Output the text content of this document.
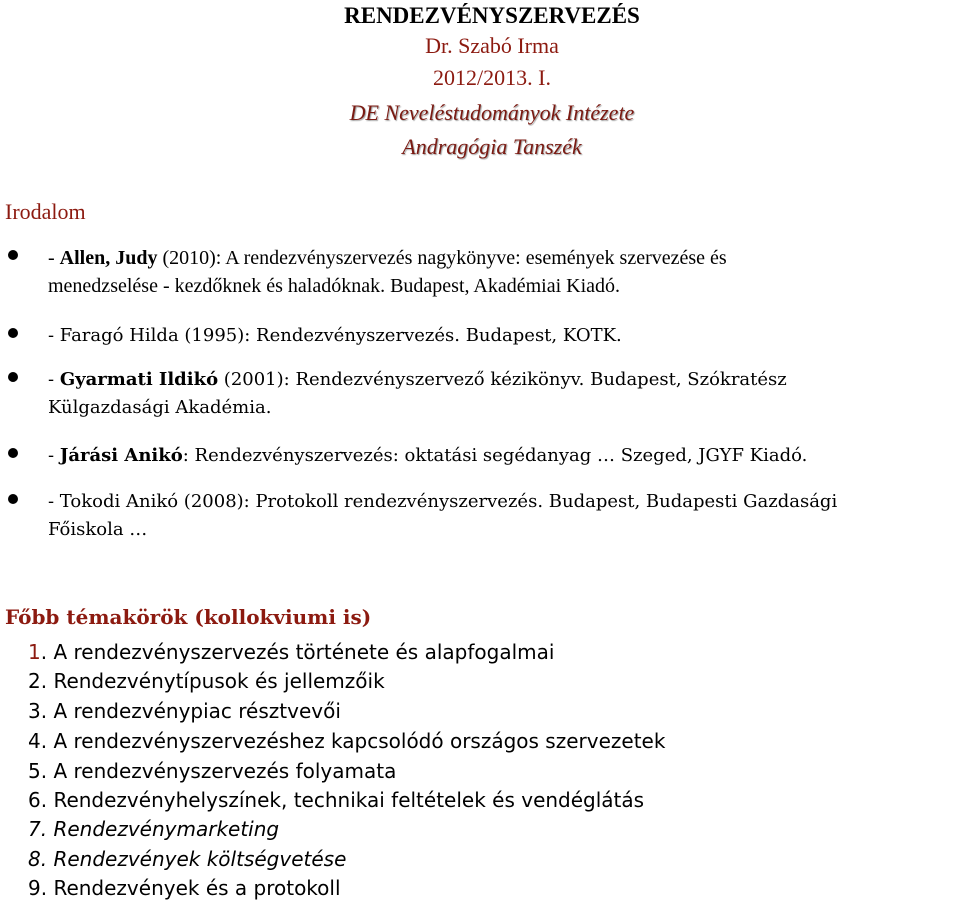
RENDEZVÉNYSZERVEZÉS
Dr. Szabó Irma
2012/2013. I.
DE Neveléstudományok Intézete
Andragógia Tanszék
Irodalom
- Allen, Judy (2010): A rendezvényszervezés nagykönyve: események szervezése és
menedzselése - kezdőknek és haladóknak. Budapest, Akadémiai Kiadó.
- Faragó Hilda (1995): Rendezvényszervezés. Budapest, KOTK.
- Gyarmati Ildikó (2001): Rendezvényszervező kézikönyv. Budapest, Szókratész
Külgazdasági Akadémia.
- Járási Anikó: Rendezvényszervezés: oktatási segédanyag … Szeged, JGYF Kiadó.
- Tokodi Anikó (2008): Protokoll rendezvényszervezés. Budapest, Budapesti Gazdasági
Főiskola …
Főbb témakörök (kollokviumi is)
1. A rendezvényszervezés története és alapfogalmai
2. Rendezvénytípusok és jellemzőik
3. A rendezvénypiac résztvevői
4. A rendezvényszervezéshez kapcsolódó országos szervezetek
5. A rendezvényszervezés folyamata
6. Rendezvényhelyszínek, technikai feltételek és vendéglátás
7. Rendezvénymarketing
8. Rendezvények költségvetése
9. Rendezvények és a protokoll
